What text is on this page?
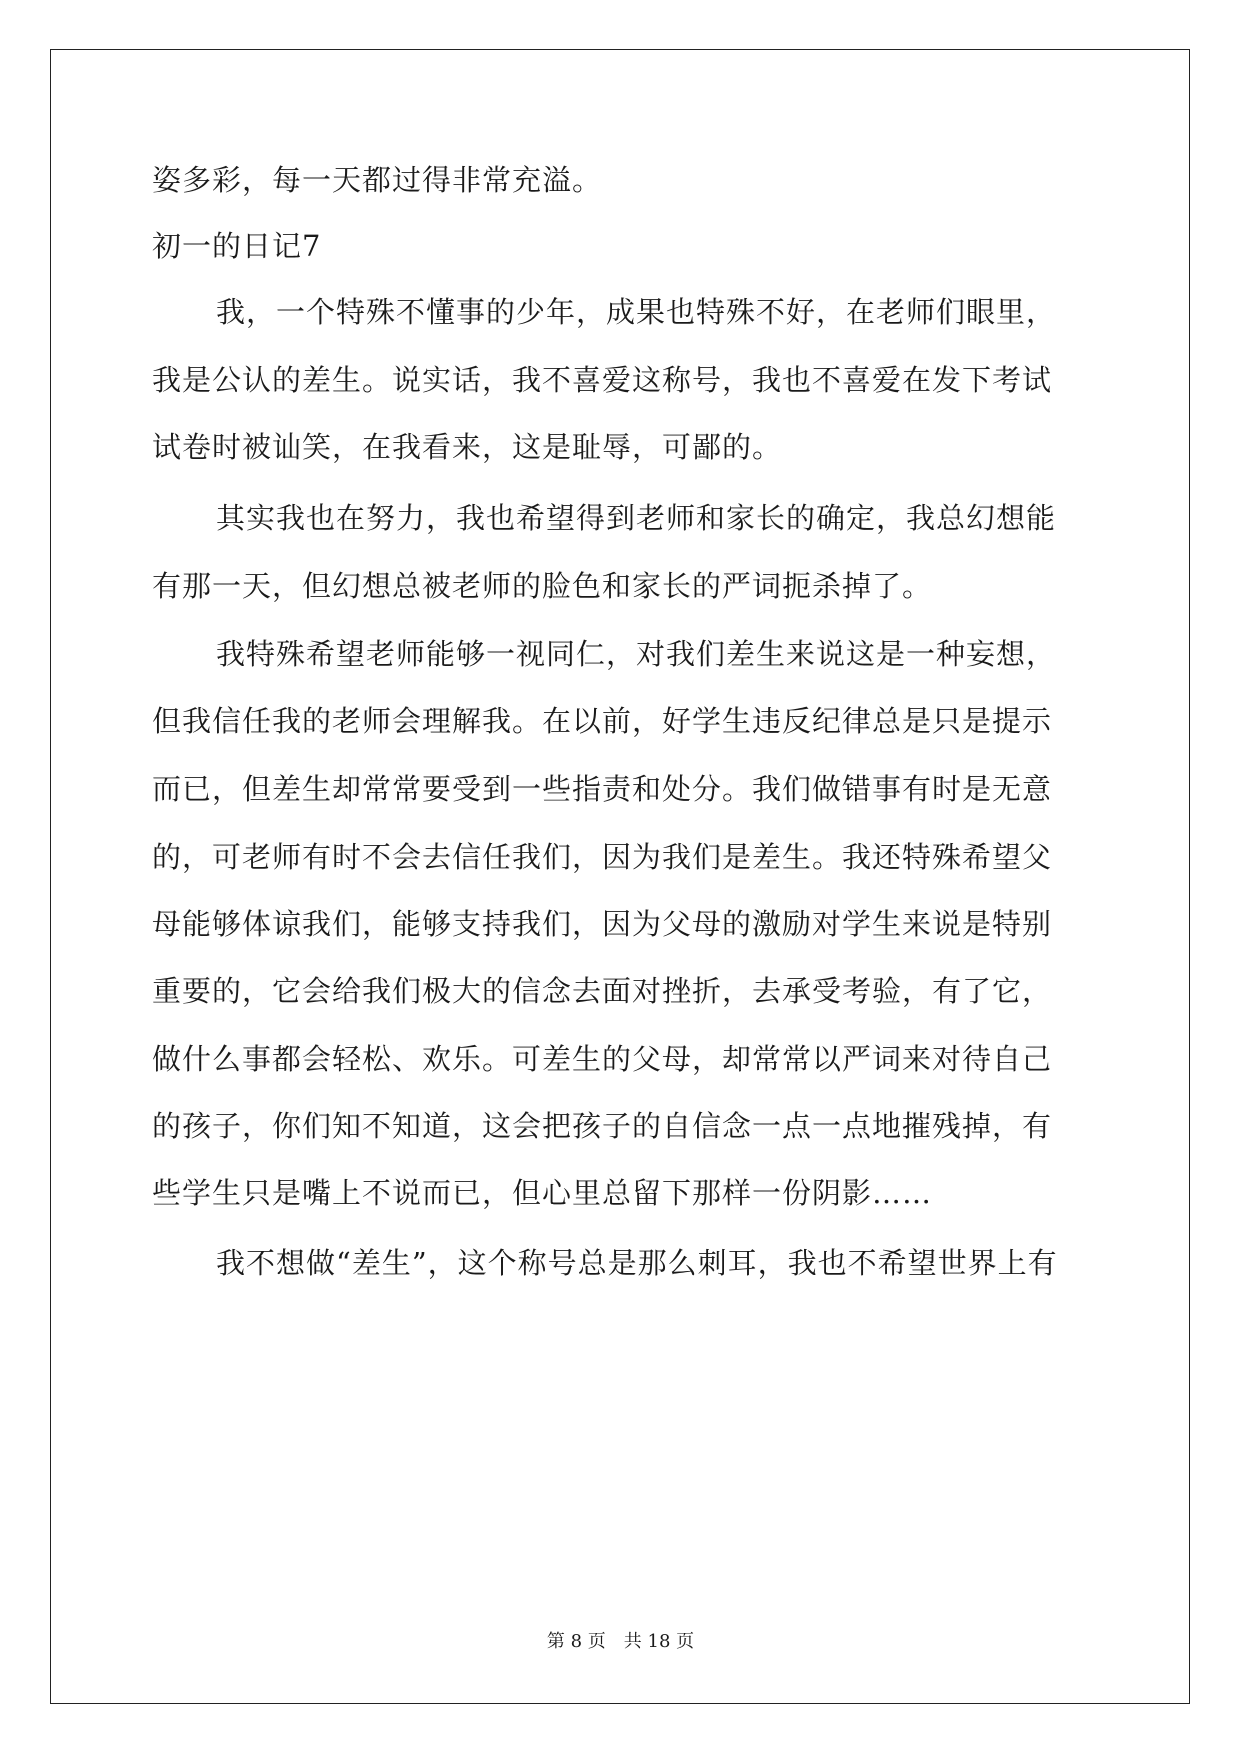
姿多彩，每一天都过得非常充溢。
初一的日记7
我，一个特殊不懂事的少年，成果也特殊不好，在老师们眼里，
我是公认的差生。说实话，我不喜爱这称号，我也不喜爱在发下考试
试卷时被讪笑，在我看来，这是耻辱，可鄙的。
其实我也在努力，我也希望得到老师和家长的确定，我总幻想能
有那一天，但幻想总被老师的脸色和家长的严词扼杀掉了。
我特殊希望老师能够一视同仁，对我们差生来说这是一种妄想，
但我信任我的老师会理解我。在以前，好学生违反纪律总是只是提示
而已，但差生却常常要受到一些指责和处分。我们做错事有时是无意
的，可老师有时不会去信任我们，因为我们是差生。我还特殊希望父
母能够体谅我们，能够支持我们，因为父母的激励对学生来说是特别
重要的，它会给我们极大的信念去面对挫折，去承受考验，有了它，
做什么事都会轻松、欢乐。可差生的父母，却常常以严词来对待自己
的孩子，你们知不知道，这会把孩子的自信念一点一点地摧残掉，有
些学生只是嘴上不说而已，但心里总留下那样一份阴影……
我不想做“差生”，这个称号总是那么刺耳，我也不希望世界上有
第 8 页　共 18 页
